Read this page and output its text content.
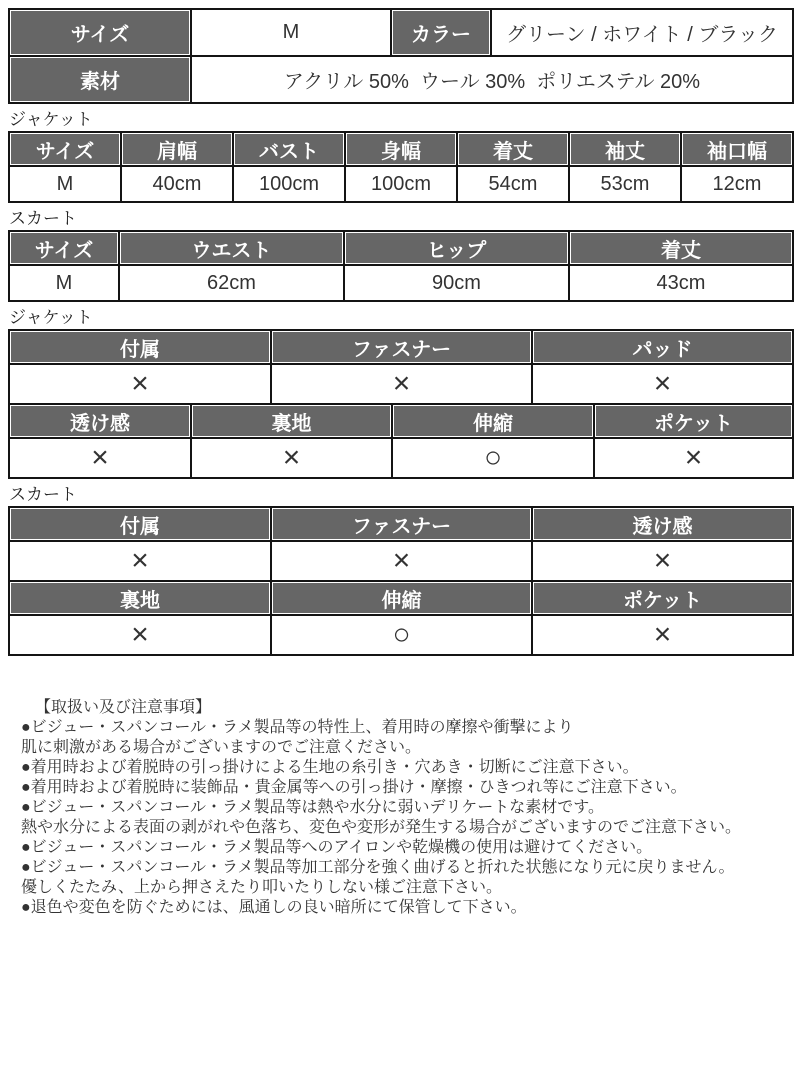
サイズ	M	カラー	グリーン / ホワイト / ブラック
素材	アクリル 50%  ウール 30%  ポリエステル 20%		
ジャケット
サイズ	肩幅	バスト	身幅	着丈	袖丈	袖口幅
M	40cm	100cm	100cm	54cm	53cm	12cm
スカート
サイズ	ウエスト	ヒップ	着丈
M	62cm	90cm	43cm
ジャケット
付属	ファスナー	パッド
×	×	×
透け感	裏地	伸縮	ポケット
×	×	○	×
スカート
付属	ファスナー	透け感
×	×	×
裏地	伸縮	ポケット
×	○	×
【取扱い及び注意事項】
●ビジュー・スパンコール・ラメ製品等の特性上、着用時の摩擦や衝撃により
肌に刺激がある場合がございますのでご注意ください。
●着用時および着脱時の引っ掛けによる生地の糸引き・穴あき・切断にご注意下さい。
●着用時および着脱時に装飾品・貴金属等への引っ掛け・摩擦・ひきつれ等にご注意下さい。
●ビジュー・スパンコール・ラメ製品等は熱や水分に弱いデリケートな素材です。
熱や水分による表面の剥がれや色落ち、変色や変形が発生する場合がございますのでご注意下さい。
●ビジュー・スパンコール・ラメ製品等へのアイロンや乾燥機の使用は避けてください。
●ビジュー・スパンコール・ラメ製品等加工部分を強く曲げると折れた状態になり元に戻りません。
優しくたたみ、上から押さえたり叩いたりしない様ご注意下さい。
●退色や変色を防ぐためには、風通しの良い暗所にて保管して下さい。
